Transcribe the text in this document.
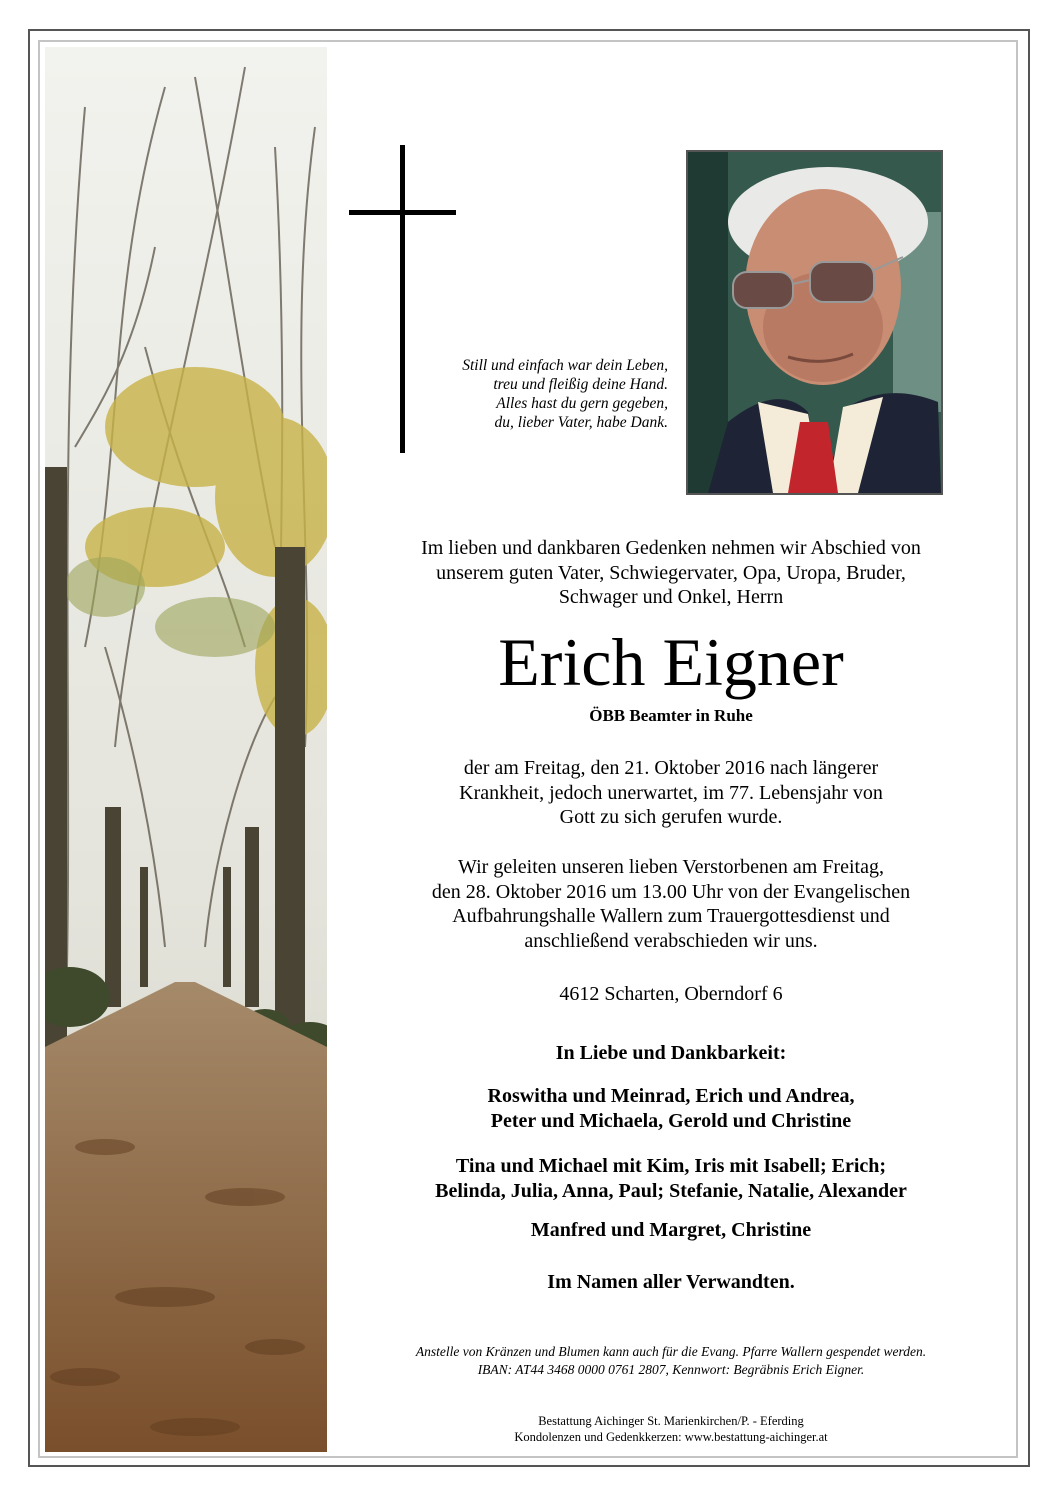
Still und einfach war dein Leben,
treu und fleißig deine Hand.
Alles hast du gern gegeben,
du, lieber Vater, habe Dank.
Im lieben und dankbaren Gedenken nehmen wir Abschied von
unserem guten Vater, Schwiegervater, Opa, Uropa, Bruder,
Schwager und Onkel, Herrn
Erich Eigner
ÖBB Beamter in Ruhe
der am Freitag, den 21. Oktober 2016 nach längerer
Krankheit, jedoch unerwartet, im 77. Lebensjahr von
Gott zu sich gerufen wurde.
Wir geleiten unseren lieben Verstorbenen am Freitag,
den 28. Oktober 2016 um 13.00 Uhr von der Evangelischen
Aufbahrungshalle Wallern zum Trauergottesdienst und
anschließend verabschieden wir uns.
4612 Scharten, Oberndorf 6
In Liebe und Dankbarkeit:
Roswitha und Meinrad, Erich und Andrea,
Peter und Michaela, Gerold und Christine
Tina und Michael mit Kim, Iris mit Isabell; Erich;
Belinda, Julia, Anna, Paul; Stefanie, Natalie, Alexander
Manfred und Margret, Christine
Im Namen aller Verwandten.
Anstelle von Kränzen und Blumen kann auch für die Evang. Pfarre Wallern gespendet werden.
IBAN: AT44 3468 0000 0761 2807, Kennwort: Begräbnis Erich Eigner.
Bestattung Aichinger St. Marienkirchen/P. - Eferding
Kondolenzen und Gedenkkerzen: www.bestattung-aichinger.at
